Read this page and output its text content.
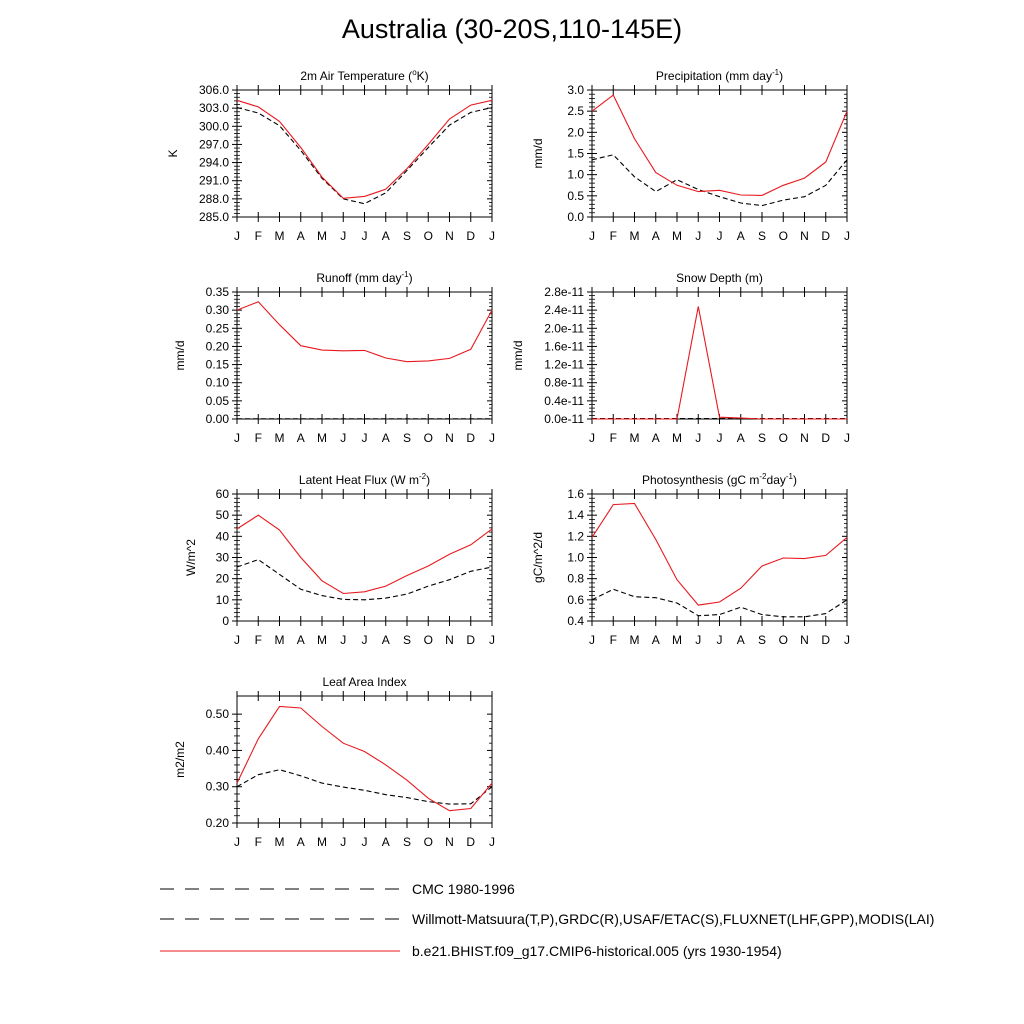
Australia (30-20S,110-145E)
2m Air Temperature ($^o$K)
K
285.0
288.0
291.0
294.0
297.0
300.0
303.0
306.0
J F M A M J J A S O N D J
Precipitation (mm day$^{-1}$)
mm/d
0.0
0.5
1.0
1.5
2.0
2.5
3.0
J F M A M J J A S O N D J
Runoff (mm day$^{-1}$)
mm/d
0.00
0.05
0.10
0.15
0.20
0.25
0.30
0.35
J F M A M J J A S O N D J
Snow Depth (m)
mm/d
0.0e-11
0.4e-11
0.8e-11
1.2e-11
1.6e-11
2.0e-11
2.4e-11
2.8e-11
J F M A M J J A S O N D J
Latent Heat Flux (W $m^{-2}$)
W/m^2
0
10
20
30
40
50
60
J F M A M J J A S O N D J
Photosynthesis (gC $m^{-2}day^{-1}$)
gC/m^2/d
0.4
0.6
0.8
1.0
1.2
1.4
1.6
J F M A M J J A S O N D J
Leaf Area Index
m2/m2
0.20
0.30
0.40
0.50
J F M A M J J A S O N D J
CMC 1980-1996
Willmott-Matsuura(T,P),GRDC(R),USAF/ETAC(S),FLUXNET(LHF,GPP),MODIS(LAI)
b.e21.BHIST.f09_g17.CMIP6-historical.005 (yrs 1930-1954)
